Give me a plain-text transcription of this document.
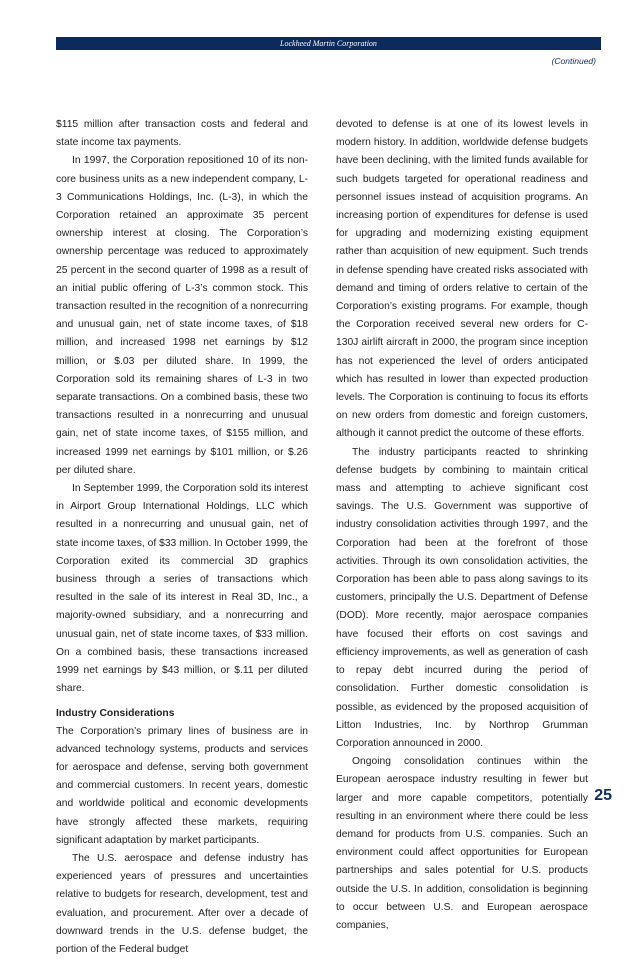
Lockheed Martin Corporation
(Continued)

$115 million after transaction costs and federal and state income tax payments.

In 1997, the Corporation repositioned 10 of its non-core business units as a new independent company, L-3 Communications Holdings, Inc. (L-3), in which the Corporation retained an approximate 35 percent ownership interest at closing. The Corporation’s ownership percentage was reduced to approximately 25 percent in the second quarter of 1998 as a result of an initial public offering of L-3’s common stock. This transaction resulted in the recognition of a nonrecurring and unusual gain, net of state income taxes, of $18 million, and increased 1998 net earnings by $12 million, or $.03 per diluted share. In 1999, the Corporation sold its remaining shares of L-3 in two separate transactions. On a combined basis, these two transactions resulted in a nonrecurring and unusual gain, net of state income taxes, of $155 million, and increased 1999 net earnings by $101 million, or $.26 per diluted share.

In September 1999, the Corporation sold its interest in Airport Group International Holdings, LLC which resulted in a nonrecurring and unusual gain, net of state income taxes, of $33 million. In October 1999, the Corporation exited its commercial 3D graphics business through a series of transactions which resulted in the sale of its interest in Real 3D, Inc., a majority-owned subsidiary, and a nonrecurring and unusual gain, net of state income taxes, of $33 million. On a combined basis, these transactions increased 1999 net earnings by $43 million, or $.11 per diluted share.

Industry Considerations

The Corporation’s primary lines of business are in advanced technology systems, products and services for aerospace and defense, serving both government and commercial customers. In recent years, domestic and worldwide political and economic developments have strongly affected these markets, requiring significant adaptation by market participants.

The U.S. aerospace and defense industry has experienced years of pressures and uncertainties relative to budgets for research, development, test and evaluation, and procurement. After over a decade of downward trends in the U.S. defense budget, the portion of the Federal budget

devoted to defense is at one of its lowest levels in modern history. In addition, worldwide defense budgets have been declining, with the limited funds available for such budgets targeted for operational readiness and personnel issues instead of acquisition programs. An increasing portion of expenditures for defense is used for upgrading and modernizing existing equipment rather than acquisition of new equipment. Such trends in defense spending have created risks associated with demand and timing of orders relative to certain of the Corporation’s existing programs. For example, though the Corporation received several new orders for C-130J airlift aircraft in 2000, the program since inception has not experienced the level of orders anticipated which has resulted in lower than expected production levels. The Corporation is continuing to focus its efforts on new orders from domestic and foreign customers, although it cannot predict the outcome of these efforts.

The industry participants reacted to shrinking defense budgets by combining to maintain critical mass and attempting to achieve significant cost savings. The U.S. Government was supportive of industry consolidation activities through 1997, and the Corporation had been at the forefront of those activities. Through its own consolidation activities, the Corporation has been able to pass along savings to its customers, principally the U.S. Department of Defense (DOD). More recently, major aerospace companies have focused their efforts on cost savings and efficiency improvements, as well as generation of cash to repay debt incurred during the period of consolidation. Further domestic consolidation is possible, as evidenced by the proposed acquisition of Litton Industries, Inc. by Northrop Grumman Corporation announced in 2000.

Ongoing consolidation continues within the European aerospace industry resulting in fewer but larger and more capable competitors, potentially resulting in an environment where there could be less demand for products from U.S. companies. Such an environment could affect opportunities for European partnerships and sales potential for U.S. products outside the U.S. In addition, consolidation is beginning to occur between U.S. and European aerospace companies,

25
